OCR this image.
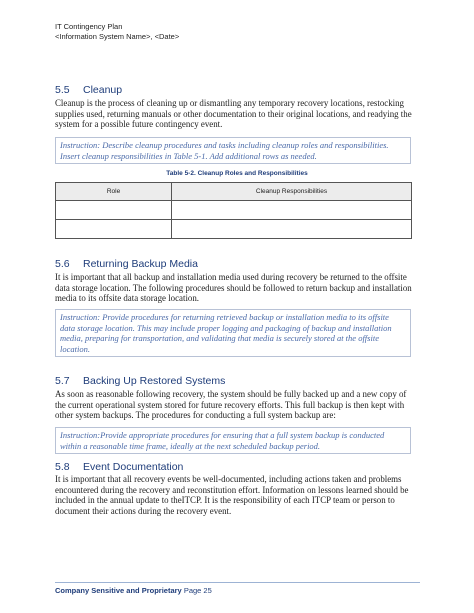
IT Contingency Plan
<Information System Name>, <Date>
5.5 Cleanup
Cleanup is the process of cleaning up or dismantling any temporary recovery locations, restocking supplies used, returning manuals or other documentation to their original locations, and readying the system for a possible future contingency event.
Instruction: Describe cleanup procedures and tasks including cleanup roles and responsibilities. Insert cleanup responsibilities in Table 5-1. Add additional rows as needed.
Table 5-2. Cleanup Roles and Responsibilities
Role	Cleanup Responsibilities

5.6 Returning Backup Media
It is important that all backup and installation media used during recovery be returned to the offsite data storage location. The following procedures should be followed to return backup and installation media to its offsite data storage location.
Instruction: Provide procedures for returning retrieved backup or installation media to its offsite data storage location. This may include proper logging and packaging of backup and installation media, preparing for transportation, and validating that media is securely stored at the offsite location.
5.7 Backing Up Restored Systems
As soon as reasonable following recovery, the system should be fully backed up and a new copy of the current operational system stored for future recovery efforts. This full backup is then kept with other system backups. The procedures for conducting a full system backup are:
Instruction:Provide appropriate procedures for ensuring that a full system backup is conducted within a reasonable time frame, ideally at the next scheduled backup period.
5.8 Event Documentation
It is important that all recovery events be well-documented, including actions taken and problems encountered during the recovery and reconstitution effort. Information on lessons learned should be included in the annual update to theITCP. It is the responsibility of each ITCP team or person to document their actions during the recovery event.
Company Sensitive and Proprietary Page 25
